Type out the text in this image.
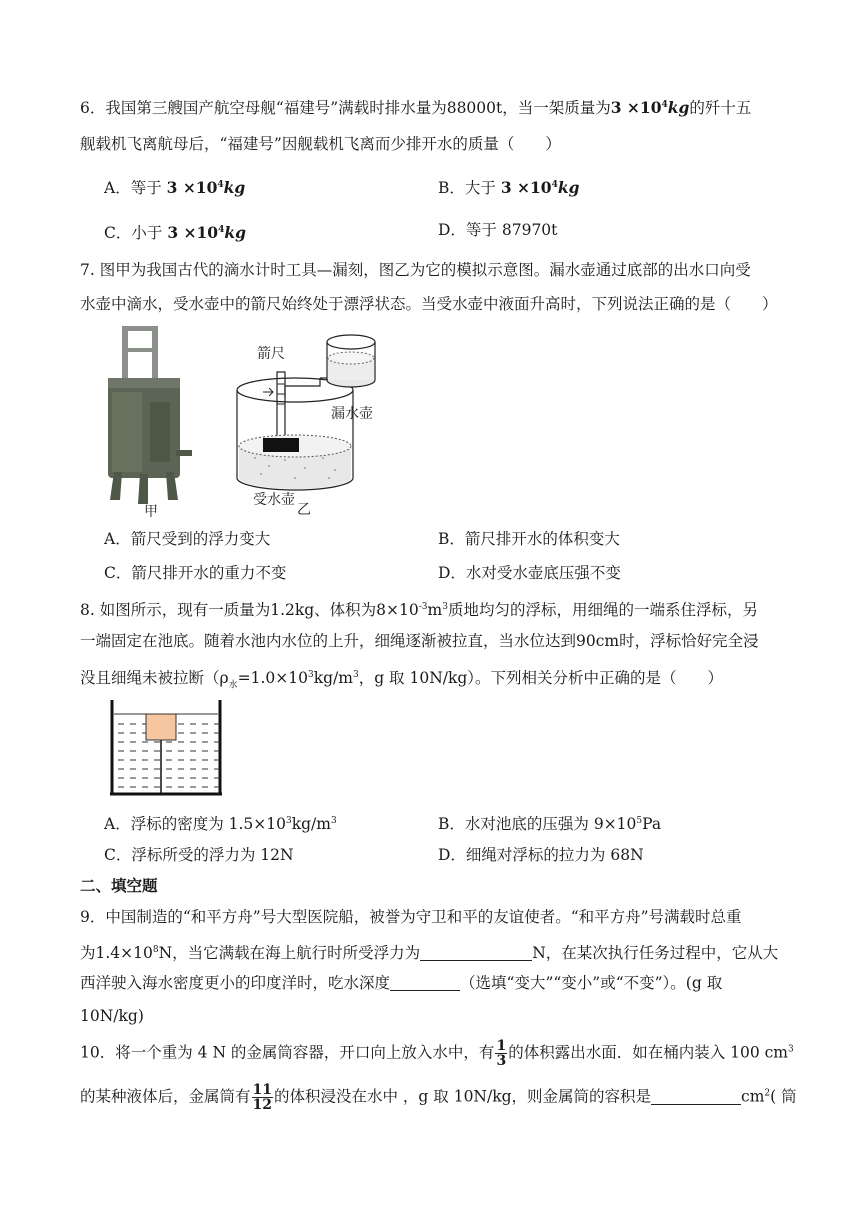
6．我国第三艘国产航空母舰“福建号”满载时排水量为88000t，当一架质量为$3 \times 10^4kg$的歼十五
舰载机飞离航母后，“福建号”因舰载机飞离而少排开水的质量（　　）
A．等于 $3 \times 10^4kg$	B．大于 $3 \times 10^4kg$
C．小于 $3 \times 10^4kg$	D．等于 87970t
7. 图甲为我国古代的滴水计时工具—漏刻，图乙为它的模拟示意图。漏水壶通过底部的出水口向受
水壶中滴水，受水壶中的箭尺始终处于漂浮状态。当受水壶中液面升高时，下列说法正确的是（　　）
甲
箭尺
漏水壶
受水壶
乙
A．箭尺受到的浮力变大	B．箭尺排开水的体积变大
C．箭尺排开水的重力不变	D．水对受水壶底压强不变
8. 如图所示，现有一质量为1.2kg、体积为$8\times 10^{-3}m^3$质地均匀的浮标，用细绳的一端系住浮标，另
一端固定在池底。随着水池内水位的上升，细绳逐渐被拉直，当水位达到90cm时，浮标恰好完全浸
没且细绳未被拉断（$\rho_水=1.0\times 10^3kg/m^3$，g 取 10N/kg）。下列相关分析中正确的是（　　）
A．浮标的密度为 $1.5\times 10^3kg/m^3$	B．水对池底的压强为 $9\times 10^5Pa$
C．浮标所受的浮力为 12N	D．细绳对浮标的拉力为 68N
二、填空题
9．中国制造的“和平方舟”号大型医院船，被誉为守卫和平的友谊使者。“和平方舟”号满载时总重
为$1.4\times 10^8N$，当它满载在海上航行时所受浮力为	N，在某次执行任务过程中，它从大
西洋驶入海水密度更小的印度洋时，吃水深度	（选填“变大”“变小”或“不变”）。(g 取
10N/kg)
10．将一个重为 4 N 的金属筒容器，开口向上放入水中，有 $\frac{1}{3}$ 的体积露出水面．如在桶内装入 100 $cm^3$
的某种液体后，金属筒有 $\frac{11}{12}$ 的体积浸没在水中 ，g 取 10N/kg，则金属筒的容积是	$cm^2$( 筒
